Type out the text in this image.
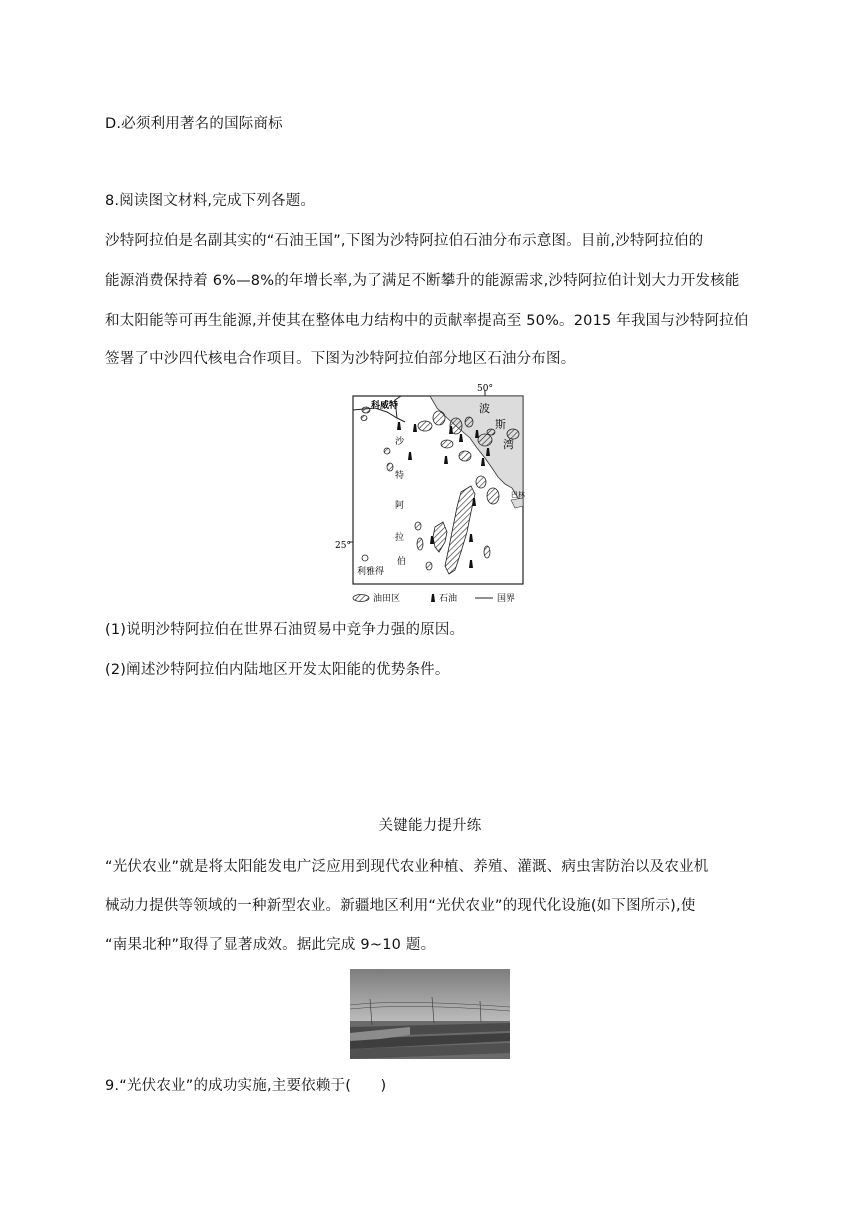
D.必须利用著名的国际商标
8.阅读图文材料,完成下列各题。
沙特阿拉伯是名副其实的“石油王国”,下图为沙特阿拉伯石油分布示意图。目前,沙特阿拉伯的
能源消费保持着 6%—8%的年增长率,为了满足不断攀升的能源需求,沙特阿拉伯计划大力开发核能
和太阳能等可再生能源,并使其在整体电力结构中的贡献率提高至 50%。2015 年我国与沙特阿拉伯
签署了中沙四代核电合作项目。下图为沙特阿拉伯部分地区石油分布图。
50°
25°
科威特	波
斯
湾
沙
特
阿
拉
伯
巴林
利雅得
油田区	石油	国界
(1)说明沙特阿拉伯在世界石油贸易中竞争力强的原因。
(2)阐述沙特阿拉伯内陆地区开发太阳能的优势条件。
关键能力提升练
“光伏农业”就是将太阳能发电广泛应用到现代农业种植、养殖、灌溉、病虫害防治以及农业机
械动力提供等领域的一种新型农业。新疆地区利用“光伏农业”的现代化设施(如下图所示),使
“南果北种”取得了显著成效。据此完成 9~10 题。
9.“光伏农业”的成功实施,主要依赖于(　　)
